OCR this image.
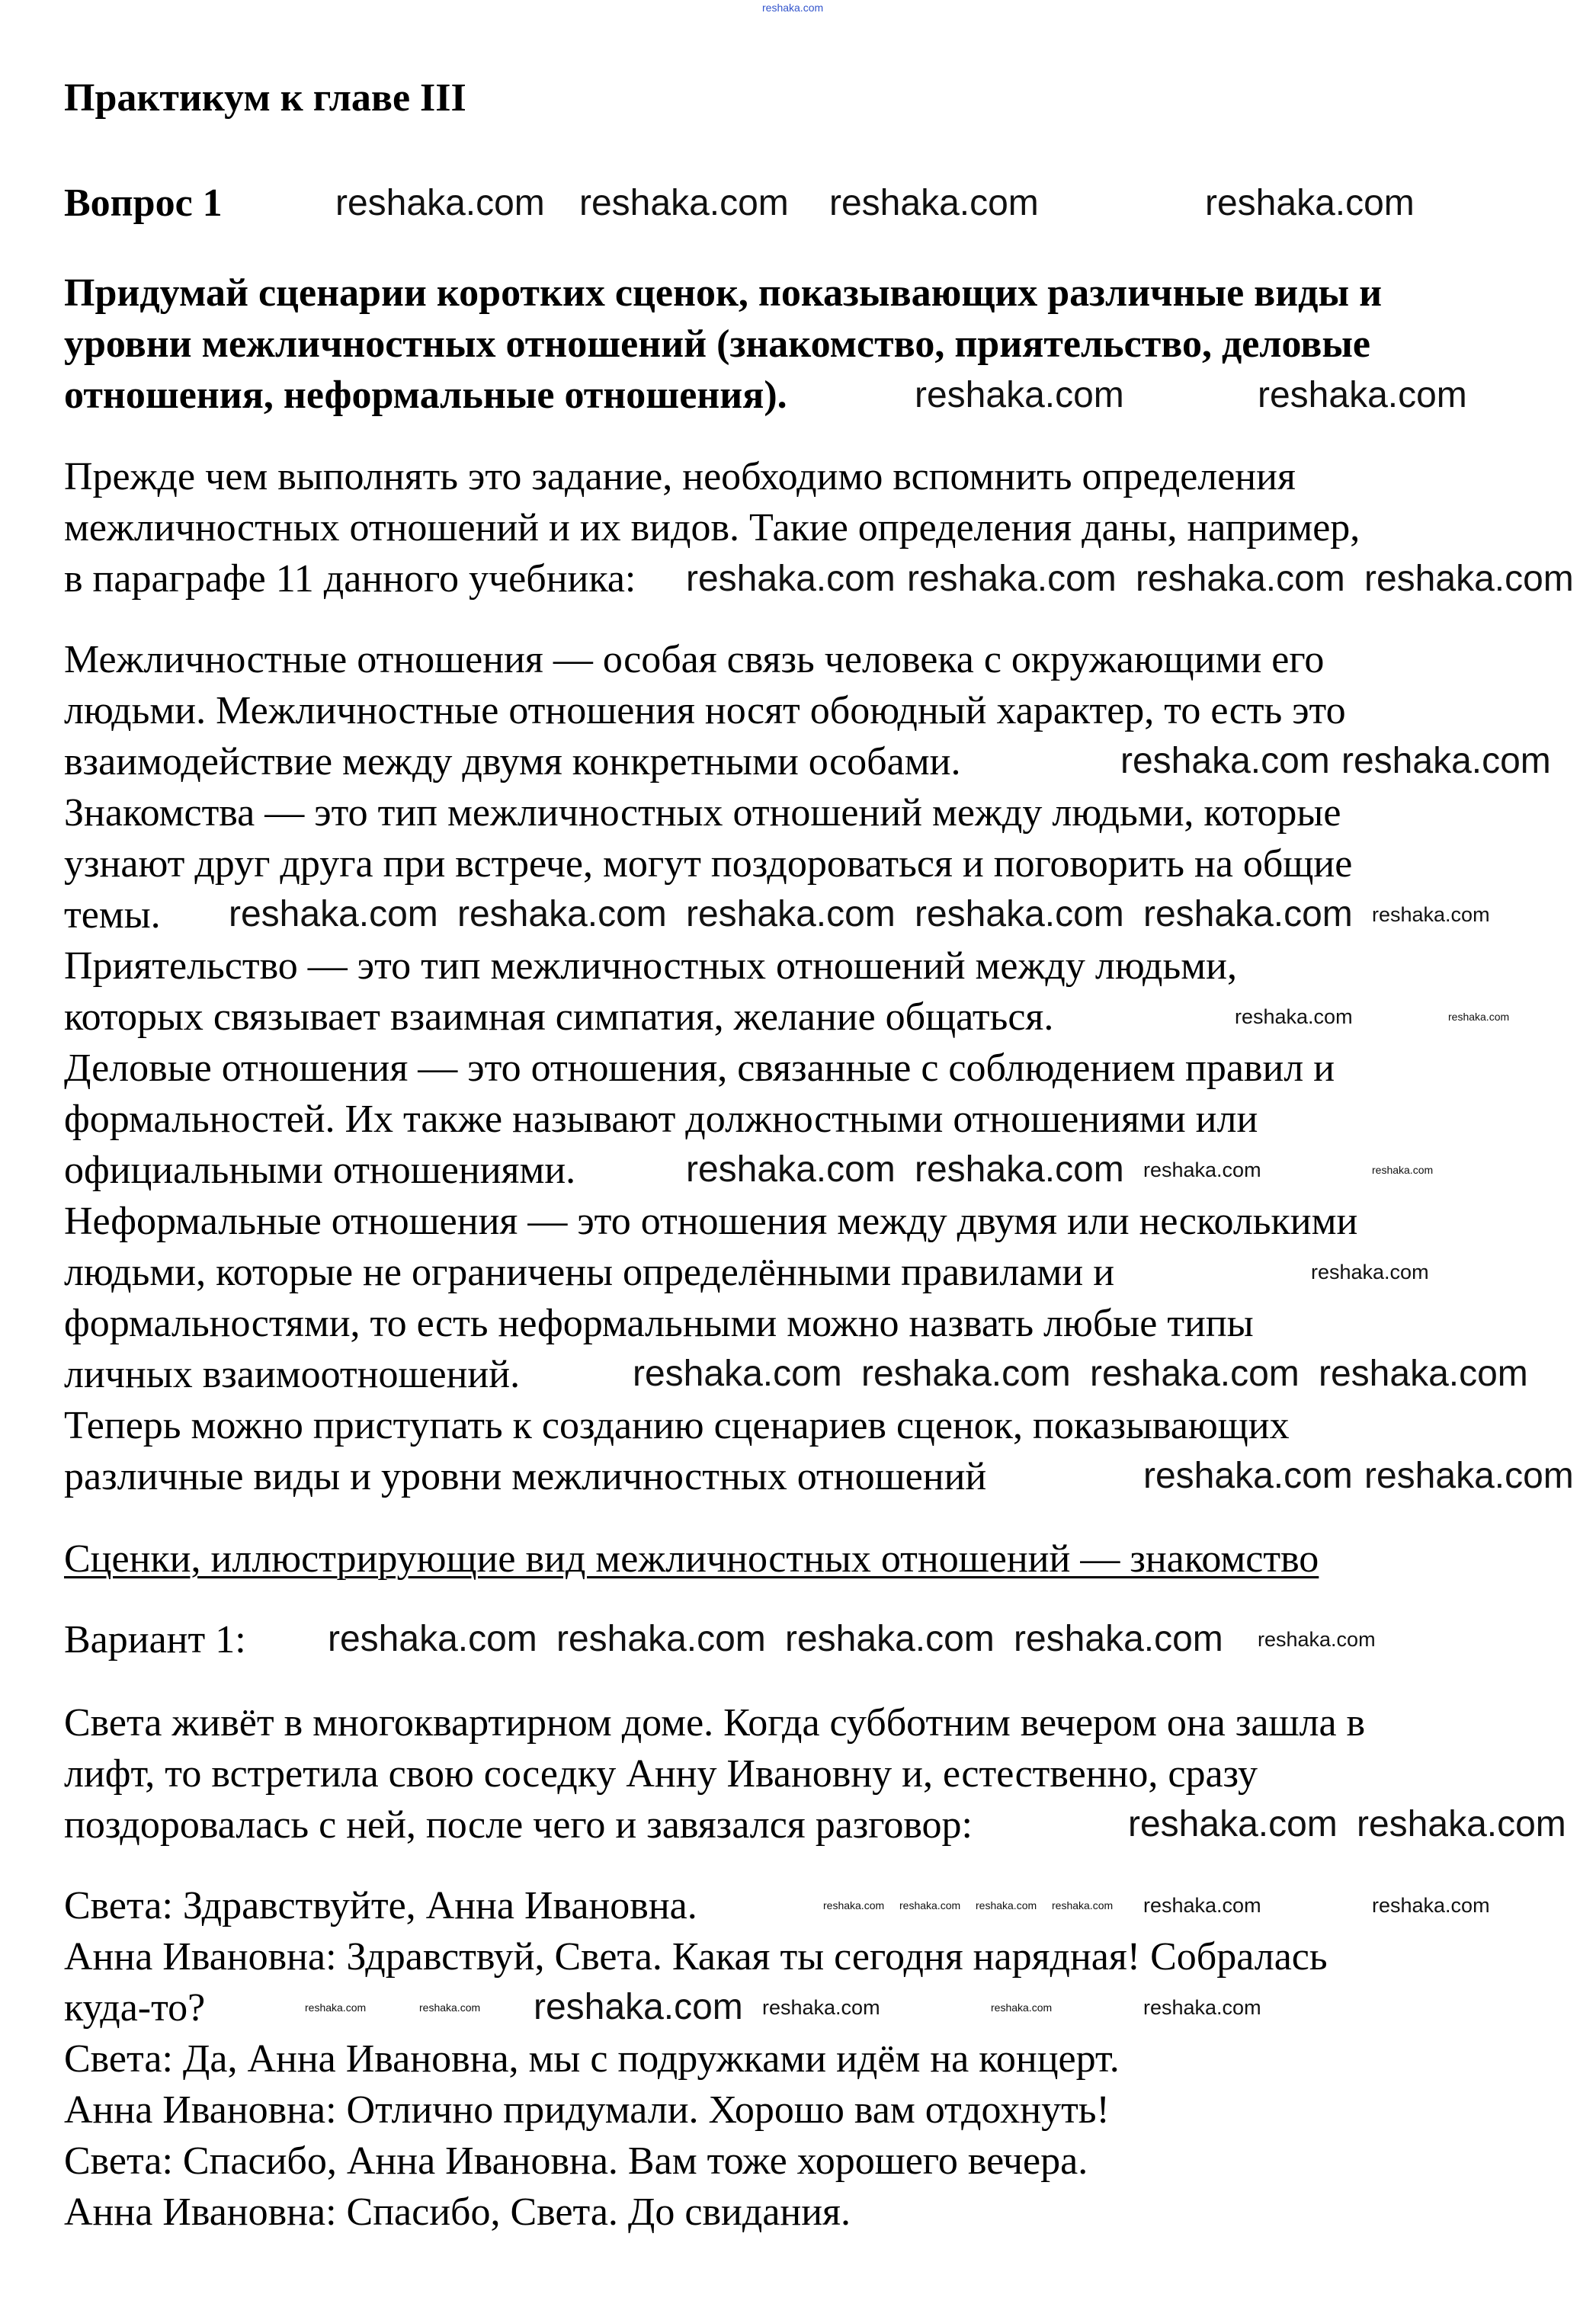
Практикум к главе III
Вопрос 1
Придумай сценарии коротких сценок, показывающих различные виды и
уровни межличностных отношений (знакомство, приятельство, деловые
отношения, неформальные отношения).
Прежде чем выполнять это задание, необходимо вспомнить определения
межличностных отношений и их видов. Такие определения даны, например,
в параграфе 11 данного учебника:
Межличностные отношения — особая связь человека с окружающими его
людьми. Межличностные отношения носят обоюдный характер, то есть это
взаимодействие между двумя конкретными особами.
Знакомства — это тип межличностных отношений между людьми, которые
узнают друг друга при встрече, могут поздороваться и поговорить на общие
темы.
Приятельство — это тип межличностных отношений между людьми,
которых связывает взаимная симпатия, желание общаться.
Деловые отношения — это отношения, связанные с соблюдением правил и
формальностей. Их также называют должностными отношениями или
официальными отношениями.
Неформальные отношения — это отношения между двумя или несколькими
людьми, которые не ограничены определёнными правилами и
формальностями, то есть неформальными можно назвать любые типы
личных взаимоотношений.
Теперь можно приступать к созданию сценариев сценок, показывающих
различные виды и уровни межличностных отношений
Сценки, иллюстрирующие вид межличностных отношений — знакомство
Вариант 1:
Света живёт в многоквартирном доме. Когда субботним вечером она зашла в
лифт, то встретила свою соседку Анну Ивановну и, естественно, сразу
поздоровалась с ней, после чего и завязался разговор:
Света: Здравствуйте, Анна Ивановна.
Анна Ивановна: Здравствуй, Света. Какая ты сегодня нарядная! Собралась
куда-то?
Света: Да, Анна Ивановна, мы с подружками идём на концерт.
Анна Ивановна: Отлично придумали. Хорошо вам отдохнуть!
Света: Спасибо, Анна Ивановна. Вам тоже хорошего вечера.
Анна Ивановна: Спасибо, Света. До свидания.
reshaka.com
reshaka.com reshaka.com reshaka.com	reshaka.com
reshaka.com	reshaka.com
reshaka.com reshaka.com reshaka.com reshaka.com
reshaka.com reshaka.com
reshaka.com reshaka.com reshaka.com reshaka.com reshaka.com reshaka.com
reshaka.com	reshaka.com
reshaka.com reshaka.com reshaka.com	reshaka.com
reshaka.com
reshaka.com reshaka.com reshaka.com reshaka.com
reshaka.com reshaka.com
reshaka.com reshaka.com reshaka.com reshaka.com reshaka.com
reshaka.com reshaka.com
reshaka.com reshaka.com reshaka.com reshaka.com reshaka.com	reshaka.com
reshaka.com	reshaka.com reshaka.com reshaka.com	reshaka.com	reshaka.com
